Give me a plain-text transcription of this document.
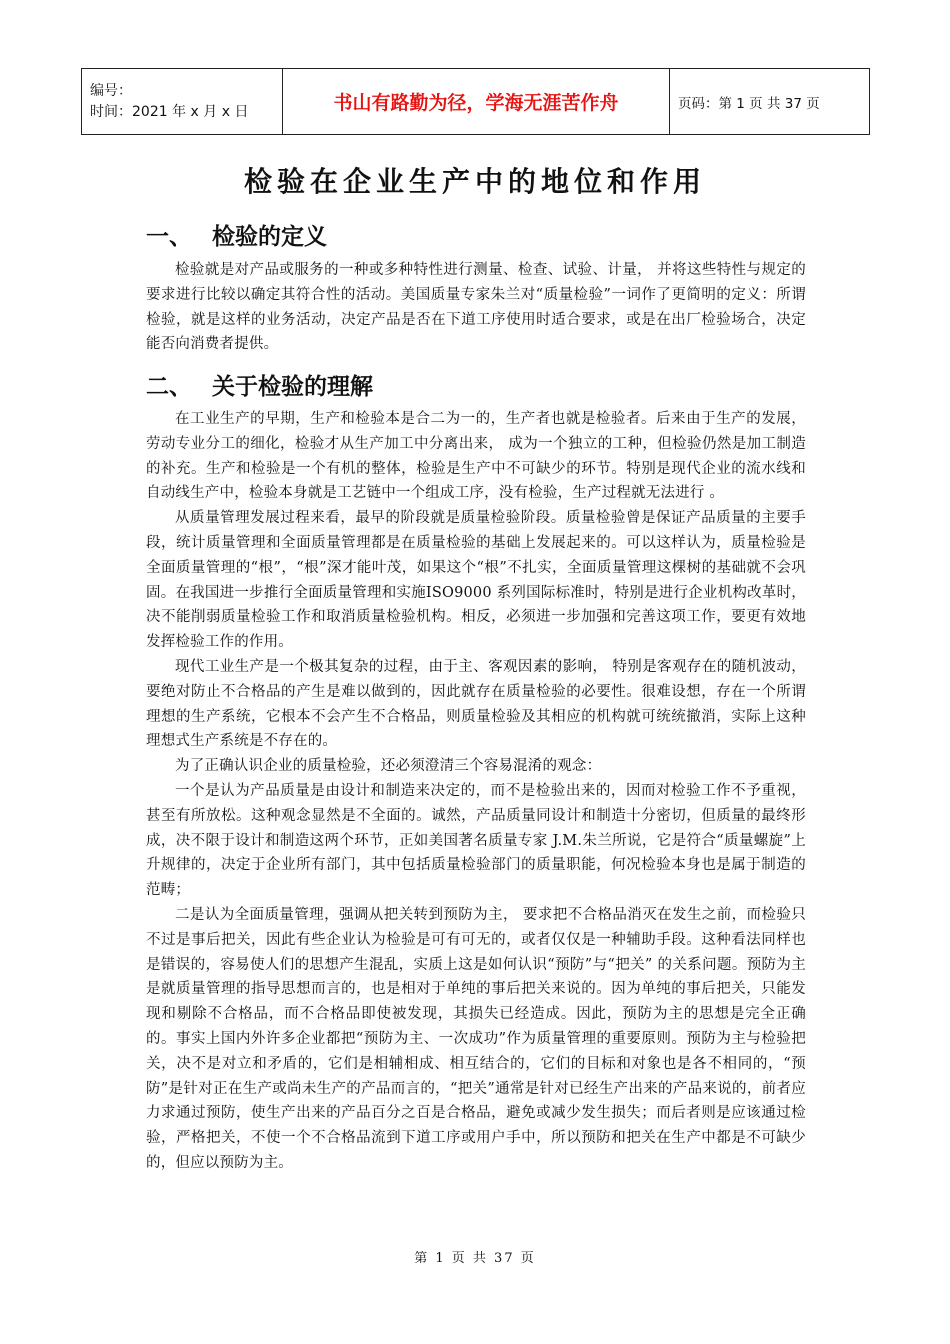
编号：
时间：2021 年 x 月 x 日	书山有路勤为径，学海无涯苦作舟	页码：第 1 页 共 37 页
检验在企业生产中的地位和作用
一、 检验的定义

检验就是对产品或服务的一种或多种特性进行测量、检查、试验、计量， 并将这些特性与规定的要求进行比较以确定其符合性的活动。美国质量专家朱兰对“质量检验”一词作了更简明的定义：所谓检验，就是这样的业务活动，决定产品是否在下道工序使用时适合要求，或是在出厂检验场合，决定能否向消费者提供。

二、 关于检验的理解

在工业生产的早期，生产和检验本是合二为一的，生产者也就是检验者。后来由于生产的发展，劳动专业分工的细化，检验才从生产加工中分离出来， 成为一个独立的工种，但检验仍然是加工制造的补充。生产和检验是一个有机的整体，检验是生产中不可缺少的环节。特别是现代企业的流水线和自动线生产中，检验本身就是工艺链中一个组成工序，没有检验，生产过程就无法进行 。

从质量管理发展过程来看，最早的阶段就是质量检验阶段。质量检验曾是保证产品质量的主要手段，统计质量管理和全面质量管理都是在质量检验的基础上发展起来的。可以这样认为，质量检验是全面质量管理的“根”，“根”深才能叶茂，如果这个“根”不扎实，全面质量管理这棵树的基础就不会巩固。在我国进一步推行全面质量管理和实施ISO9000 系列国际标准时，特别是进行企业机构改革时，决不能削弱质量检验工作和取消质量检验机构。相反，必须进一步加强和完善这项工作，要更有效地发挥检验工作的作用。

现代工业生产是一个极其复杂的过程，由于主、客观因素的影响， 特别是客观存在的随机波动，要绝对防止不合格品的产生是难以做到的，因此就存在质量检验的必要性。很难设想，存在一个所谓理想的生产系统，它根本不会产生不合格品，则质量检验及其相应的机构就可统统撤消，实际上这种理想式生产系统是不存在的。

为了正确认识企业的质量检验，还必须澄清三个容易混淆的观念：

一个是认为产品质量是由设计和制造来决定的，而不是检验出来的，因而对检验工作不予重视，甚至有所放松。这种观念显然是不全面的。诚然，产品质量同设计和制造十分密切，但质量的最终形成，决不限于设计和制造这两个环节，正如美国著名质量专家 J.M.朱兰所说，它是符合“质量螺旋”上升规律的，决定于企业所有部门，其中包括质量检验部门的质量职能，何况检验本身也是属于制造的范畴；

二是认为全面质量管理，强调从把关转到预防为主， 要求把不合格品消灭在发生之前，而检验只不过是事后把关，因此有些企业认为检验是可有可无的，或者仅仅是一种辅助手段。这种看法同样也是错误的，容易使人们的思想产生混乱，实质上这是如何认识“预防”与“把关” 的关系问题。预防为主是就质量管理的指导思想而言的，也是相对于单纯的事后把关来说的。因为单纯的事后把关，只能发现和剔除不合格品，而不合格品即使被发现，其损失已经造成。因此，预防为主的思想是完全正确的。事实上国内外许多企业都把“预防为主、一次成功”作为质量管理的重要原则。预防为主与检验把关，决不是对立和矛盾的，它们是相辅相成、相互结合的，它们的目标和对象也是各不相同的，“预防”是针对正在生产或尚未生产的产品而言的，“把关”通常是针对已经生产出来的产品来说的，前者应力求通过预防，使生产出来的产品百分之百是合格品，避免或减少发生损失；而后者则是应该通过检验，严格把关，不使一个不合格品流到下道工序或用户手中，所以预防和把关在生产中都是不可缺少的，但应以预防为主。

第 1 页 共 37 页
